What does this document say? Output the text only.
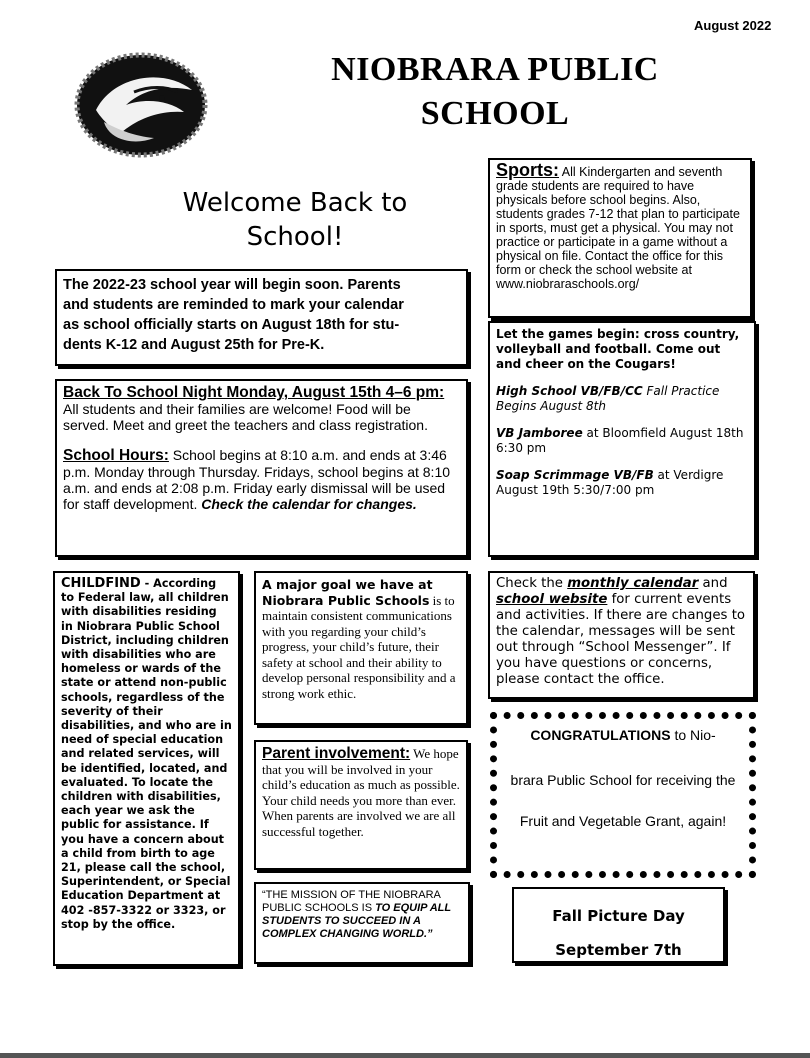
August 2022
NIOBRARA PUBLIC
SCHOOL
Welcome Back to
School!

The 2022-23 school year will begin soon. Parents

and students are reminded to mark your calendar

as school officially starts on August 18th for stu-

dents K-12 and August 25th for Pre-K.

Back To School Night Monday, August 15th 4–6 pm:

All students and their families are welcome! Food will be served. Meet and greet the teachers and class registration.

School Hours: School begins at 8:10 a.m. and ends at 3:46 p.m. Monday through Thursday. Fridays, school begins at 8:10 a.m. and ends at 2:08 p.m. Friday early dismissal will be used for staff development. Check the calendar for changes.

Sports: All Kindergarten and seventh grade students are required to have physicals before school begins. Also, students grades 7-12 that plan to participate in sports, must get a physical. You may not practice or participate in a game without a physical on file. Contact the office for this form or check the school website at www.niobraraschools.org/

Let the games begin: cross country, volleyball and football. Come out and cheer on the Cougars!

High School VB/FB/CC Fall Practice Begins August 8th

VB Jamboree at Bloomfield August 18th 6:30 pm

Soap Scrimmage VB/FB at Verdigre August 19th 5:30/7:00 pm

CHILDFIND - According to Federal law, all children with disabilities residing in Niobrara Public School District, including children with disabilities who are homeless or wards of the state or attend non-public schools, regardless of the severity of their disabilities, and who are in need of special education and related services, will be identified, located, and evaluated. To locate the children with disabilities, each year we ask the public for assistance. If you have a concern about a child from birth to age 21, please call the school, Superintendent, or Special Education Department at 402 -857-3322 or 3323, or stop by the office.
A major goal we have at Niobrara Public Schools is to maintain consistent communications with you regarding your child’s progress, your child’s future, their safety at school and their ability to develop personal responsibility and a strong work ethic.
Parent involvement: We hope that you will be involved in your child’s education as much as possible. Your child needs you more than ever. When parents are involved we are all successful together.
“THE MISSION OF THE NIOBRARA PUBLIC SCHOOLS IS TO EQUIP ALL STUDENTS TO SUCCEED IN A COMPLEX CHANGING WORLD.”
Check the monthly calendar and school website for current events and activities. If there are changes to the calendar, messages will be sent out through “School Messenger”. If you have questions or concerns, please contact the office.
CONGRATULATIONS to Nio-
brara Public School for receiving the
Fruit and Vegetable Grant, again!
Fall Picture Day
September 7th
